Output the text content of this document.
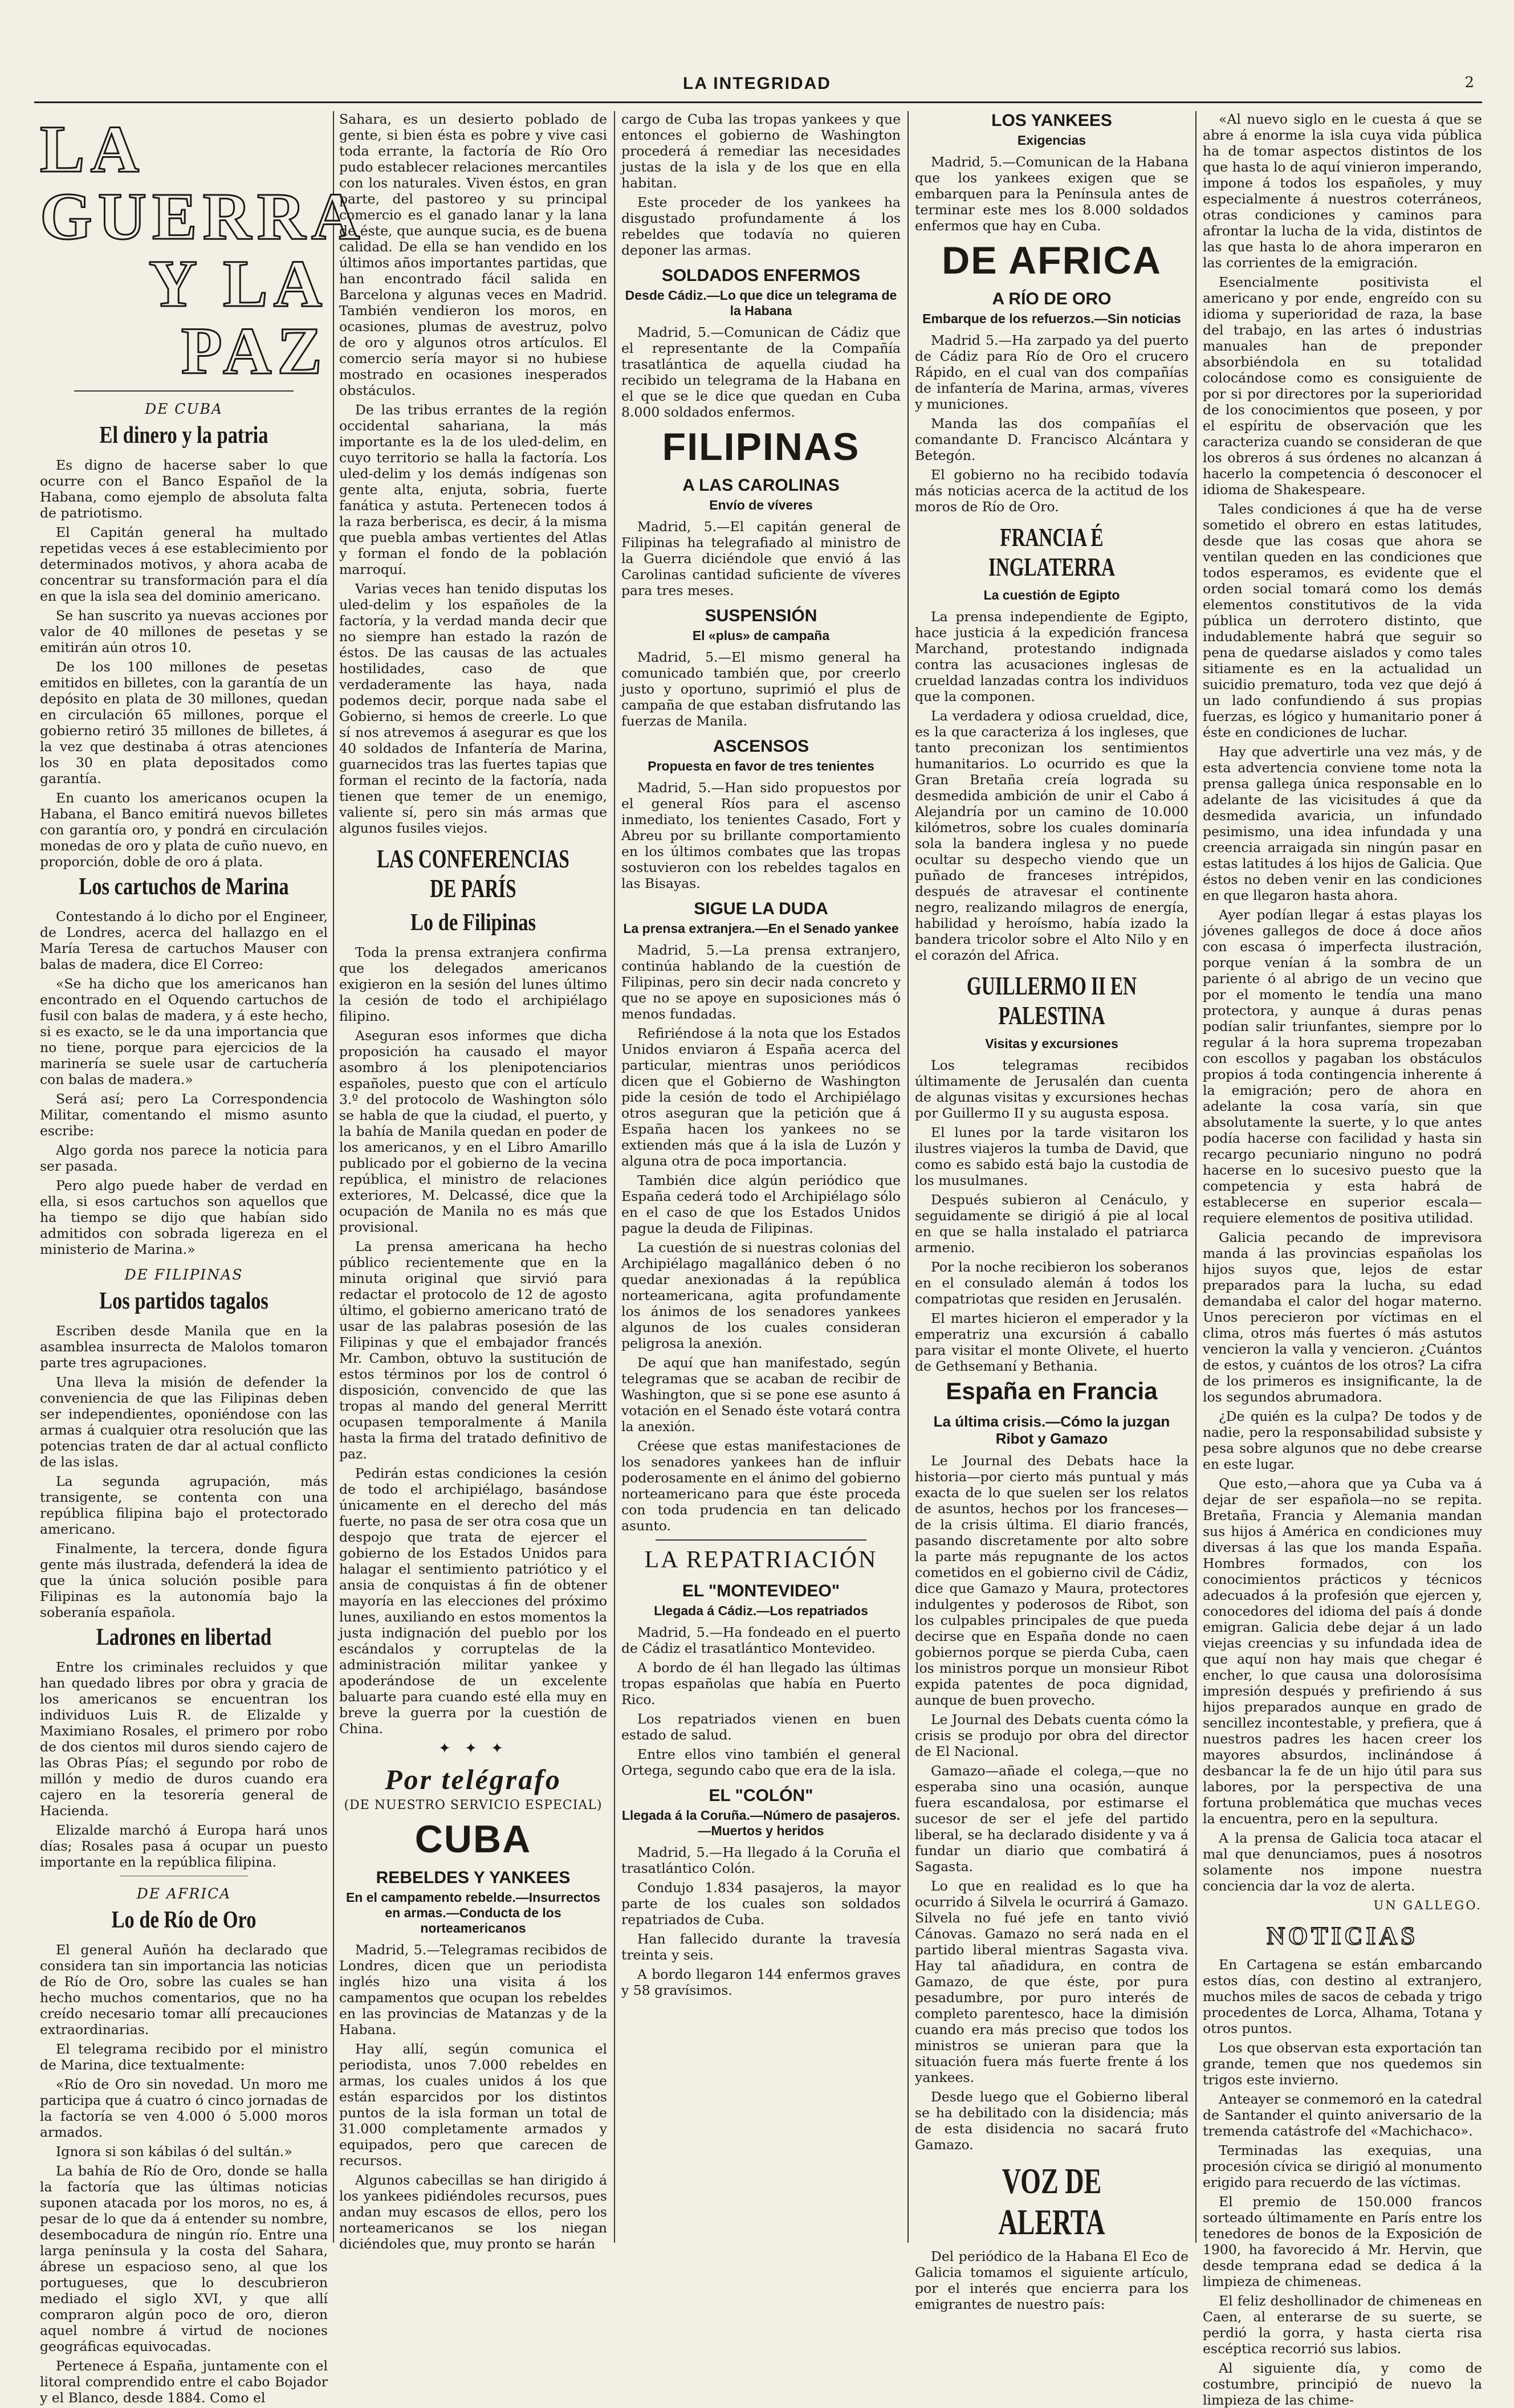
LA INTEGRIDAD	2
LA GUERRA
Y LA PAZ
DE CUBA
El dinero y la patria

Es digno de hacerse saber lo que ocurre con el Banco Español de la Habana, como ejemplo de absoluta falta de patriotismo.

El Capitán general ha multado repetidas veces á ese establecimiento por determinados motivos, y ahora acaba de concentrar su transformación para el día en que la isla sea del dominio americano.

Se han suscrito ya nuevas acciones por valor de 40 millones de pesetas y se emitirán aún otros 10.

De los 100 millones de pesetas emitidos en billetes, con la garantía de un depósito en plata de 30 millones, quedan en circulación 65 millones, porque el gobierno retiró 35 millones de billetes, á la vez que destinaba á otras atenciones los 30 en plata depositados como garantía.

En cuanto los americanos ocupen la Habana, el Banco emitirá nuevos billetes con garantía oro, y pondrá en circulación monedas de oro y plata de cuño nuevo, en proporción, doble de oro á plata.

Los cartuchos de Marina

Contestando á lo dicho por el Engineer, de Londres, acerca del hallazgo en el María Teresa de cartuchos Mauser con balas de madera, dice El Correo:

«Se ha dicho que los americanos han encontrado en el Oquendo cartuchos de fusil con balas de madera, y á este hecho, si es exacto, se le da una importancia que no tiene, porque para ejercicios de la marinería se suele usar de cartuchería con balas de madera.»

Será así; pero La Correspondencia Militar, comentando el mismo asunto escribe:

Algo gorda nos parece la noticia para ser pasada.

Pero algo puede haber de verdad en ella, si esos cartuchos son aquellos que ha tiempo se dijo que habían sido admitidos con sobrada ligereza en el ministerio de Marina.»

DE FILIPINAS
Los partidos tagalos

Escriben desde Manila que en la asamblea insurrecta de Malolos tomaron parte tres agrupaciones.

Una lleva la misión de defender la conveniencia de que las Filipinas deben ser independientes, oponiéndose con las armas á cualquier otra resolución que las potencias traten de dar al actual conflicto de las islas.

La segunda agrupación, más transigente, se contenta con una república filipina bajo el protectorado americano.

Finalmente, la tercera, donde figura gente más ilustrada, defenderá la idea de que la única solución posible para Filipinas es la autonomía bajo la soberanía española.

Ladrones en libertad

Entre los criminales recluidos y que han quedado libres por obra y gracia de los americanos se encuentran los individuos Luis R. de Elizalde y Maximiano Rosales, el primero por robo de dos cientos mil duros siendo cajero de las Obras Pías; el segundo por robo de millón y medio de duros cuando era cajero en la tesorería general de Hacienda.

Elizalde marchó á Europa hará unos días; Rosales pasa á ocupar un puesto importante en la república filipina.

DE AFRICA
Lo de Río de Oro

El general Auñón ha declarado que considera tan sin importancia las noticias de Río de Oro, sobre las cuales se han hecho muchos comentarios, que no ha creído necesario tomar allí precauciones extraordinarias.

El telegrama recibido por el ministro de Marina, dice textualmente:

«Río de Oro sin novedad. Un moro me participa que á cuatro ó cinco jornadas de la factoría se ven 4.000 ó 5.000 moros armados.

Ignora si son kábilas ó del sultán.»

La bahía de Río de Oro, donde se halla la factoría que las últimas noticias suponen atacada por los moros, no es, á pesar de lo que da á entender su nombre, desembocadura de ningún río. Entre una larga península y la costa del Sahara, ábrese un espacioso seno, al que los portugueses, que lo descubrieron mediado el siglo XVI, y que allí compraron algún poco de oro, dieron aquel nombre á virtud de nociones geográficas equivocadas.

Pertenece á España, juntamente con el litoral comprendido entre el cabo Bojador y el Blanco, desde 1884. Como el

Sahara, es un desierto poblado de gente, si bien ésta es pobre y vive casi toda errante, la factoría de Río Oro pudo establecer relaciones mercantiles con los naturales. Viven éstos, en gran parte, del pastoreo y su principal comercio es el ganado lanar y la lana de éste, que aunque sucia, es de buena calidad. De ella se han vendido en los últimos años importantes partidas, que han encontrado fácil salida en Barcelona y algunas veces en Madrid. También vendieron los moros, en ocasiones, plumas de avestruz, polvo de oro y algunos otros artículos. El comercio sería mayor si no hubiese mostrado en ocasiones inesperados obstáculos.

De las tribus errantes de la región occidental sahariana, la más importante es la de los uled-delim, en cuyo territorio se halla la factoría. Los uled-delim y los demás indígenas son gente alta, enjuta, sobria, fuerte fanática y astuta. Pertenecen todos á la raza berberisca, es decir, á la misma que puebla ambas vertientes del Atlas y forman el fondo de la población marroquí.

Varias veces han tenido disputas los uled-delim y los españoles de la factoría, y la verdad manda decir que no siempre han estado la razón de éstos. De las causas de las actuales hostilidades, caso de que verdaderamente las haya, nada podemos decir, porque nada sabe el Gobierno, si hemos de creerle. Lo que sí nos atrevemos á asegurar es que los 40 soldados de Infantería de Marina, guarnecidos tras las fuertes tapias que forman el recinto de la factoría, nada tienen que temer de un enemigo, valiente sí, pero sin más armas que algunos fusiles viejos.

LAS CONFERENCIAS DE PARÍS
Lo de Filipinas

Toda la prensa extranjera confirma que los delegados americanos exigieron en la sesión del lunes último la cesión de todo el archipiélago filipino.

Aseguran esos informes que dicha proposición ha causado el mayor asombro á los plenipotenciarios españoles, puesto que con el artículo 3.º del protocolo de Washington sólo se habla de que la ciudad, el puerto, y la bahía de Manila quedan en poder de los americanos, y en el Libro Amarillo publicado por el gobierno de la vecina república, el ministro de relaciones exteriores, M. Delcassé, dice que la ocupación de Manila no es más que provisional.

La prensa americana ha hecho público recientemente que en la minuta original que sirvió para redactar el protocolo de 12 de agosto último, el gobierno americano trató de usar de las palabras posesión de las Filipinas y que el embajador francés Mr. Cambon, obtuvo la sustitución de estos términos por los de control ó disposición, convencido de que las tropas al mando del general Merritt ocupasen temporalmente á Manila hasta la firma del tratado definitivo de paz.

Pedirán estas condiciones la cesión de todo el archipiélago, basándose únicamente en el derecho del más fuerte, no pasa de ser otra cosa que un despojo que trata de ejercer el gobierno de los Estados Unidos para halagar el sentimiento patriótico y el ansia de conquistas á fin de obtener mayoría en las elecciones del próximo lunes, auxiliando en estos momentos la justa indignación del pueblo por los escándalos y corruptelas de la administración militar yankee y apoderándose de un excelente baluarte para cuando esté ella muy en breve la guerra por la cuestión de China.

✦ ✦ ✦
Por telégrafo
(DE NUESTRO SERVICIO ESPECIAL)
CUBA
REBELDES Y YANKEES
En el campamento rebelde.—Insurrectos en armas.—Conducta de los norteamericanos

Madrid, 5.—Telegramas recibidos de Londres, dicen que un periodista inglés hizo una visita á los campamentos que ocupan los rebeldes en las provincias de Matanzas y de la Habana.

Hay allí, según comunica el periodista, unos 7.000 rebeldes en armas, los cuales unidos á los que están esparcidos por los distintos puntos de la isla forman un total de 31.000 completamente armados y equipados, pero que carecen de recursos.

Algunos cabecillas se han dirigido á los yankees pidiéndoles recursos, pues andan muy escasos de ellos, pero los norteamericanos se los niegan diciéndoles que, muy pronto se harán

cargo de Cuba las tropas yankees y que entonces el gobierno de Washington procederá á remediar las necesidades justas de la isla y de los que en ella habitan.

Este proceder de los yankees ha disgustado profundamente á los rebeldes que todavía no quieren deponer las armas.

SOLDADOS ENFERMOS
Desde Cádiz.—Lo que dice un telegrama de la Habana

Madrid, 5.—Comunican de Cádiz que el representante de la Compañía trasatlántica de aquella ciudad ha recibido un telegrama de la Habana en el que se le dice que quedan en Cuba 8.000 soldados enfermos.

FILIPINAS
A LAS CAROLINAS
Envío de víveres

Madrid, 5.—El capitán general de Filipinas ha telegrafiado al ministro de la Guerra diciéndole que envió á las Carolinas cantidad suficiente de víveres para tres meses.

SUSPENSIÓN
El «plus» de campaña

Madrid, 5.—El mismo general ha comunicado también que, por creerlo justo y oportuno, suprimió el plus de campaña de que estaban disfrutando las fuerzas de Manila.

ASCENSOS
Propuesta en favor de tres tenientes

Madrid, 5.—Han sido propuestos por el general Ríos para el ascenso inmediato, los tenientes Casado, Fort y Abreu por su brillante comportamiento en los últimos combates que las tropas sostuvieron con los rebeldes tagalos en las Bisayas.

SIGUE LA DUDA
La prensa extranjera.—En el Senado yankee

Madrid, 5.—La prensa extranjero, continúa hablando de la cuestión de Filipinas, pero sin decir nada concreto y que no se apoye en suposiciones más ó menos fundadas.

Refiriéndose á la nota que los Estados Unidos enviaron á España acerca del particular, mientras unos periódicos dicen que el Gobierno de Washington pide la cesión de todo el Archipiélago otros aseguran que la petición que á España hacen los yankees no se extienden más que á la isla de Luzón y alguna otra de poca importancia.

También dice algún periódico que España cederá todo el Archipiélago sólo en el caso de que los Estados Unidos pague la deuda de Filipinas.

La cuestión de si nuestras colonias del Archipiélago magallánico deben ó no quedar anexionadas á la república norteamericana, agita profundamente los ánimos de los senadores yankees algunos de los cuales consideran peligrosa la anexión.

De aquí que han manifestado, según telegramas que se acaban de recibir de Washington, que si se pone ese asunto á votación en el Senado éste votará contra la anexión.

Créese que estas manifestaciones de los senadores yankees han de influir poderosamente en el ánimo del gobierno norteamericano para que éste proceda con toda prudencia en tan delicado asunto.

LA REPATRIACIÓN
EL "MONTEVIDEO"
Llegada á Cádiz.—Los repatriados

Madrid, 5.—Ha fondeado en el puerto de Cádiz el trasatlántico Montevideo.

A bordo de él han llegado las últimas tropas españolas que había en Puerto Rico.

Los repatriados vienen en buen estado de salud.

Entre ellos vino también el general Ortega, segundo cabo que era de la isla.

EL "COLÓN"
Llegada á la Coruña.—Número de pasajeros.—Muertos y heridos

Madrid, 5.—Ha llegado á la Coruña el trasatlántico Colón.

Condujo 1.834 pasajeros, la mayor parte de los cuales son soldados repatriados de Cuba.

Han fallecido durante la travesía treinta y seis.

A bordo llegaron 144 enfermos graves y 58 gravísimos.

LOS YANKEES
Exigencias

Madrid, 5.—Comunican de la Habana que los yankees exigen que se embarquen para la Península antes de terminar este mes los 8.000 soldados enfermos que hay en Cuba.

DE AFRICA
A RÍO DE ORO
Embarque de los refuerzos.—Sin noticias

Madrid 5.—Ha zarpado ya del puerto de Cádiz para Río de Oro el crucero Rápido, en el cual van dos compañías de infantería de Marina, armas, víveres y municiones.

Manda las dos compañías el comandante D. Francisco Alcántara y Betegón.

El gobierno no ha recibido todavía más noticias acerca de la actitud de los moros de Río de Oro.

FRANCIA É INGLATERRA
La cuestión de Egipto

La prensa independiente de Egipto, hace justicia á la expedición francesa Marchand, protestando indignada contra las acusaciones inglesas de crueldad lanzadas contra los individuos que la componen.

La verdadera y odiosa crueldad, dice, es la que caracteriza á los ingleses, que tanto preconizan los sentimientos humanitarios. Lo ocurrido es que la Gran Bretaña creía lograda su desmedida ambición de unir el Cabo á Alejandría por un camino de 10.000 kilómetros, sobre los cuales dominaría sola la bandera inglesa y no puede ocultar su despecho viendo que un puñado de franceses intrépidos, después de atravesar el continente negro, realizando milagros de energía, habilidad y heroísmo, había izado la bandera tricolor sobre el Alto Nilo y en el corazón del Africa.

GUILLERMO II EN PALESTINA
Visitas y excursiones

Los telegramas recibidos últimamente de Jerusalén dan cuenta de algunas visitas y excursiones hechas por Guillermo II y su augusta esposa.

El lunes por la tarde visitaron los ilustres viajeros la tumba de David, que como es sabido está bajo la custodia de los musulmanes.

Después subieron al Cenáculo, y seguidamente se dirigió á pie al local en que se halla instalado el patriarca armenio.

Por la noche recibieron los soberanos en el consulado alemán á todos los compatriotas que residen en Jerusalén.

El martes hicieron el emperador y la emperatriz una excursión á caballo para visitar el monte Olivete, el huerto de Gethsemaní y Bethania.

España en Francia
La última crisis.—Cómo la juzgan Ribot y Gamazo

Le Journal des Debats hace la historia—por cierto más puntual y más exacta de lo que suelen ser los relatos de asuntos, hechos por los franceses—de la crisis última. El diario francés, pasando discretamente por alto sobre la parte más repugnante de los actos cometidos en el gobierno civil de Cádiz, dice que Gamazo y Maura, protectores indulgentes y poderosos de Ribot, son los culpables principales de que pueda decirse que en España donde no caen gobiernos porque se pierda Cuba, caen los ministros porque un monsieur Ribot expida patentes de poca dignidad, aunque de buen provecho.

Le Journal des Debats cuenta cómo la crisis se produjo por obra del director de El Nacional.

Gamazo—añade el colega,—que no esperaba sino una ocasión, aunque fuera escandalosa, por estimarse el sucesor de ser el jefe del partido liberal, se ha declarado disidente y va á fundar un diario que combatirá á Sagasta.

Lo que en realidad es lo que ha ocurrido á Silvela le ocurrirá á Gamazo. Silvela no fué jefe en tanto vivió Cánovas. Gamazo no será nada en el partido liberal mientras Sagasta viva. Hay tal añadidura, en contra de Gamazo, de que éste, por pura pesadumbre, por puro interés de completo parentesco, hace la dimisión cuando era más preciso que todos los ministros se unieran para que la situación fuera más fuerte frente á los yankees.

Desde luego que el Gobierno liberal se ha debilitado con la disidencia; más de esta disidencia no sacará fruto Gamazo.

VOZ DE ALERTA

Del periódico de la Habana El Eco de Galicia tomamos el siguiente artículo, por el interés que encierra para los emigrantes de nuestro país:

«Al nuevo siglo en le cuesta á que se abre á enorme la isla cuya vida pública ha de tomar aspectos distintos de los que hasta lo de aquí vinieron imperando, impone á todos los españoles, y muy especialmente á nuestros coterráneos, otras condiciones y caminos para afrontar la lucha de la vida, distintos de las que hasta lo de ahora imperaron en las corrientes de la emigración.

Esencialmente positivista el americano y por ende, engreído con su idioma y superioridad de raza, la base del trabajo, en las artes ó industrias manuales han de preponder absorbiéndola en su totalidad colocándose como es consiguiente de por si por directores por la superioridad de los conocimientos que poseen, y por el espíritu de observación que les caracteriza cuando se consideran de que los obreros á sus órdenes no alcanzan á hacerlo la competencia ó desconocer el idioma de Shakespeare.

Tales condiciones á que ha de verse sometido el obrero en estas latitudes, desde que las cosas que ahora se ventilan queden en las condiciones que todos esperamos, es evidente que el orden social tomará como los demás elementos constitutivos de la vida pública un derrotero distinto, que indudablemente habrá que seguir so pena de quedarse aislados y como tales sitiamente es en la actualidad un suicidio prematuro, toda vez que dejó á un lado confundiendo á sus propias fuerzas, es lógico y humanitario poner á éste en condiciones de luchar.

Hay que advertirle una vez más, y de esta advertencia conviene tome nota la prensa gallega única responsable en lo adelante de las vicisitudes á que da desmedida avaricia, un infundado pesimismo, una idea infundada y una creencia arraigada sin ningún pasar en estas latitudes á los hijos de Galicia. Que éstos no deben venir en las condiciones en que llegaron hasta ahora.

Ayer podían llegar á estas playas los jóvenes gallegos de doce á doce años con escasa ó imperfecta ilustración, porque venían á la sombra de un pariente ó al abrigo de un vecino que por el momento le tendía una mano protectora, y aunque á duras penas podían salir triunfantes, siempre por lo regular á la hora suprema tropezaban con escollos y pagaban los obstáculos propios á toda contingencia inherente á la emigración; pero de ahora en adelante la cosa varía, sin que absolutamente la suerte, y lo que antes podía hacerse con facilidad y hasta sin recargo pecuniario ninguno no podrá hacerse en lo sucesivo puesto que la competencia y esta habrá de establecerse en superior escala—requiere elementos de positiva utilidad.

Galicia pecando de imprevisora manda á las provincias españolas los hijos suyos que, lejos de estar preparados para la lucha, su edad demandaba el calor del hogar materno. Unos perecieron por víctimas en el clima, otros más fuertes ó más astutos vencieron la valla y vencieron. ¿Cuántos de estos, y cuántos de los otros? La cifra de los primeros es insignificante, la de los segundos abrumadora.

¿De quién es la culpa? De todos y de nadie, pero la responsabilidad subsiste y pesa sobre algunos que no debe crearse en este lugar.

Que esto,—ahora que ya Cuba va á dejar de ser española—no se repita. Bretaña, Francia y Alemania mandan sus hijos á América en condiciones muy diversas á las que los manda España. Hombres formados, con los conocimientos prácticos y técnicos adecuados á la profesión que ejercen y, conocedores del idioma del país á donde emigran. Galicia debe dejar á un lado viejas creencias y su infundada idea de que aquí non hay mais que chegar é encher, lo que causa una dolorosísima impresión después y prefiriendo á sus hijos preparados aunque en grado de sencillez incontestable, y prefiera, que á nuestros padres les hacen creer los mayores absurdos, inclinándose á desbancar la fe de un hijo útil para sus labores, por la perspectiva de una fortuna problemática que muchas veces la encuentra, pero en la sepultura.

A la prensa de Galicia toca atacar el mal que denunciamos, pues á nosotros solamente nos impone nuestra conciencia dar la voz de alerta.

UN GALLEGO.

NOTICIAS

En Cartagena se están embarcando estos días, con destino al extranjero, muchos miles de sacos de cebada y trigo procedentes de Lorca, Alhama, Totana y otros puntos.

Los que observan esta exportación tan grande, temen que nos quedemos sin trigos este invierno.

Anteayer se conmemoró en la catedral de Santander el quinto aniversario de la tremenda catástrofe del «Machichaco».

Terminadas las exequias, una procesión cívica se dirigió al monumento erigido para recuerdo de las víctimas.

El premio de 150.000 francos sorteado últimamente en París entre los tenedores de bonos de la Exposición de 1900, ha favorecido á Mr. Hervin, que desde temprana edad se dedica á la limpieza de chimeneas.

El feliz deshollinador de chimeneas en Caen, al enterarse de su suerte, se perdió la gorra, y hasta cierta risa escéptica recorrió sus labios.

Al siguiente día, y como de costumbre, principió de nuevo la limpieza de las chime-
